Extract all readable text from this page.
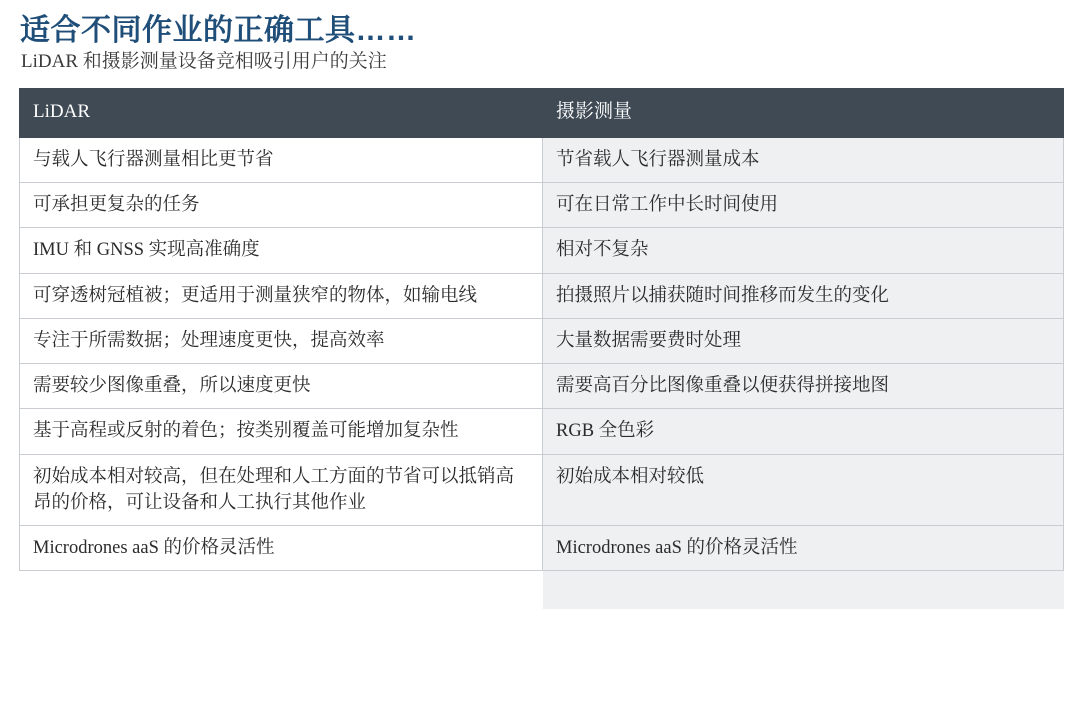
适合不同作业的正确工具……

LiDAR 和摄影测量设备竞相吸引用户的关注

LiDAR	摄影测量
与载人飞行器测量相比更节省	节省载人飞行器测量成本
可承担更复杂的任务	可在日常工作中长时间使用
IMU 和 GNSS 实现高准确度	相对不复杂
可穿透树冠植被；更适用于测量狭窄的物体，如输电线	拍摄照片以捕获随时间推移而发生的变化
专注于所需数据；处理速度更快，提高效率	大量数据需要费时处理
需要较少图像重叠，所以速度更快	需要高百分比图像重叠以便获得拼接地图
基于高程或反射的着色；按类别覆盖可能增加复杂性	RGB 全色彩
初始成本相对较高，但在处理和人工方面的节省可以抵销高昂的价格，可让设备和人工执行其他作业	初始成本相对较低
Microdrones aaS 的价格灵活性	Microdrones aaS 的价格灵活性
